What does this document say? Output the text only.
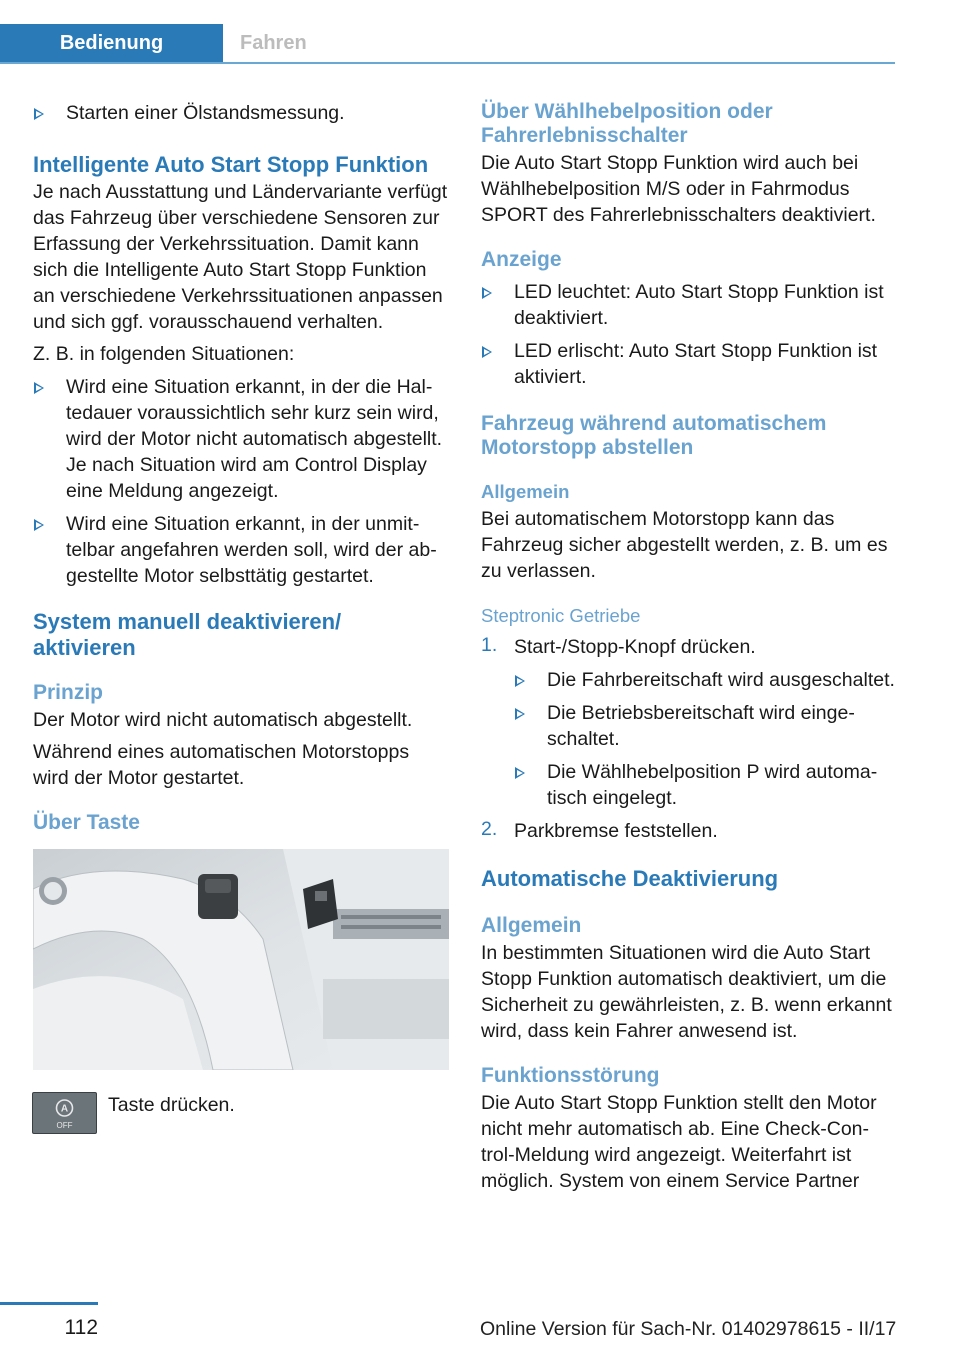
Bedienung	Fahren

Starten einer Ölstandsmessung.

Intelligente Auto Start Stopp Funktion

Je nach Ausstattung und Ländervariante verfügt das Fahrzeug über verschiedene Sensoren zur Erfassung der Verkehrssituation. Damit kann sich die Intelligente Auto Start Stopp Funktion an verschiedene Verkehrssituationen anpassen und sich ggf. vorausschauend verhalten.

Z. B. in folgenden Situationen:

Wird eine Situation erkannt, in der die Haltedauer voraussichtlich sehr kurz sein wird, wird der Motor nicht automatisch abgestellt. Je nach Situation wird am Control Display eine Meldung angezeigt.

Wird eine Situation erkannt, in der unmittelbar angefahren werden soll, wird der abgestellte Motor selbsttätig gestartet.

System manuell deaktivieren/ aktivieren
Prinzip

Der Motor wird nicht automatisch abgestellt.

Während eines automatischen Motorstopps wird der Motor gestartet.

Über Taste
A
OFF

Taste drücken.

Über Wählhebelposition oder Fahrerlebnisschalter

Die Auto Start Stopp Funktion wird auch bei Wählhebelposition M/S oder in Fahrmodus SPORT des Fahrerlebnisschalters deaktiviert.

Anzeige

LED leuchtet: Auto Start Stopp Funktion ist deaktiviert.

LED erlischt: Auto Start Stopp Funktion ist aktiviert.

Fahrzeug während automatischem Motorstopp abstellen
Allgemein

Bei automatischem Motorstopp kann das Fahrzeug sicher abgestellt werden, z. B. um es zu verlassen.

Steptronic Getriebe
1. Start-/Stopp-Knopf drücken.

Die Fahrbereitschaft wird ausgeschaltet.

Die Betriebsbereitschaft wird eingeschaltet.

Die Wählhebelposition P wird automatisch eingelegt.

2. Parkbremse feststellen.

Automatische Deaktivierung
Allgemein

In bestimmten Situationen wird die Auto Start Stopp Funktion automatisch deaktiviert, um die Sicherheit zu gewährleisten, z. B. wenn erkannt wird, dass kein Fahrer anwesend ist.

Funktionsstörung

Die Auto Start Stopp Funktion stellt den Motor nicht mehr automatisch ab. Eine Check-Control-Meldung wird angezeigt. Weiterfahrt ist möglich. System von einem Service Partner

112	Online Version für Sach-Nr. 01402978615 - II/17
